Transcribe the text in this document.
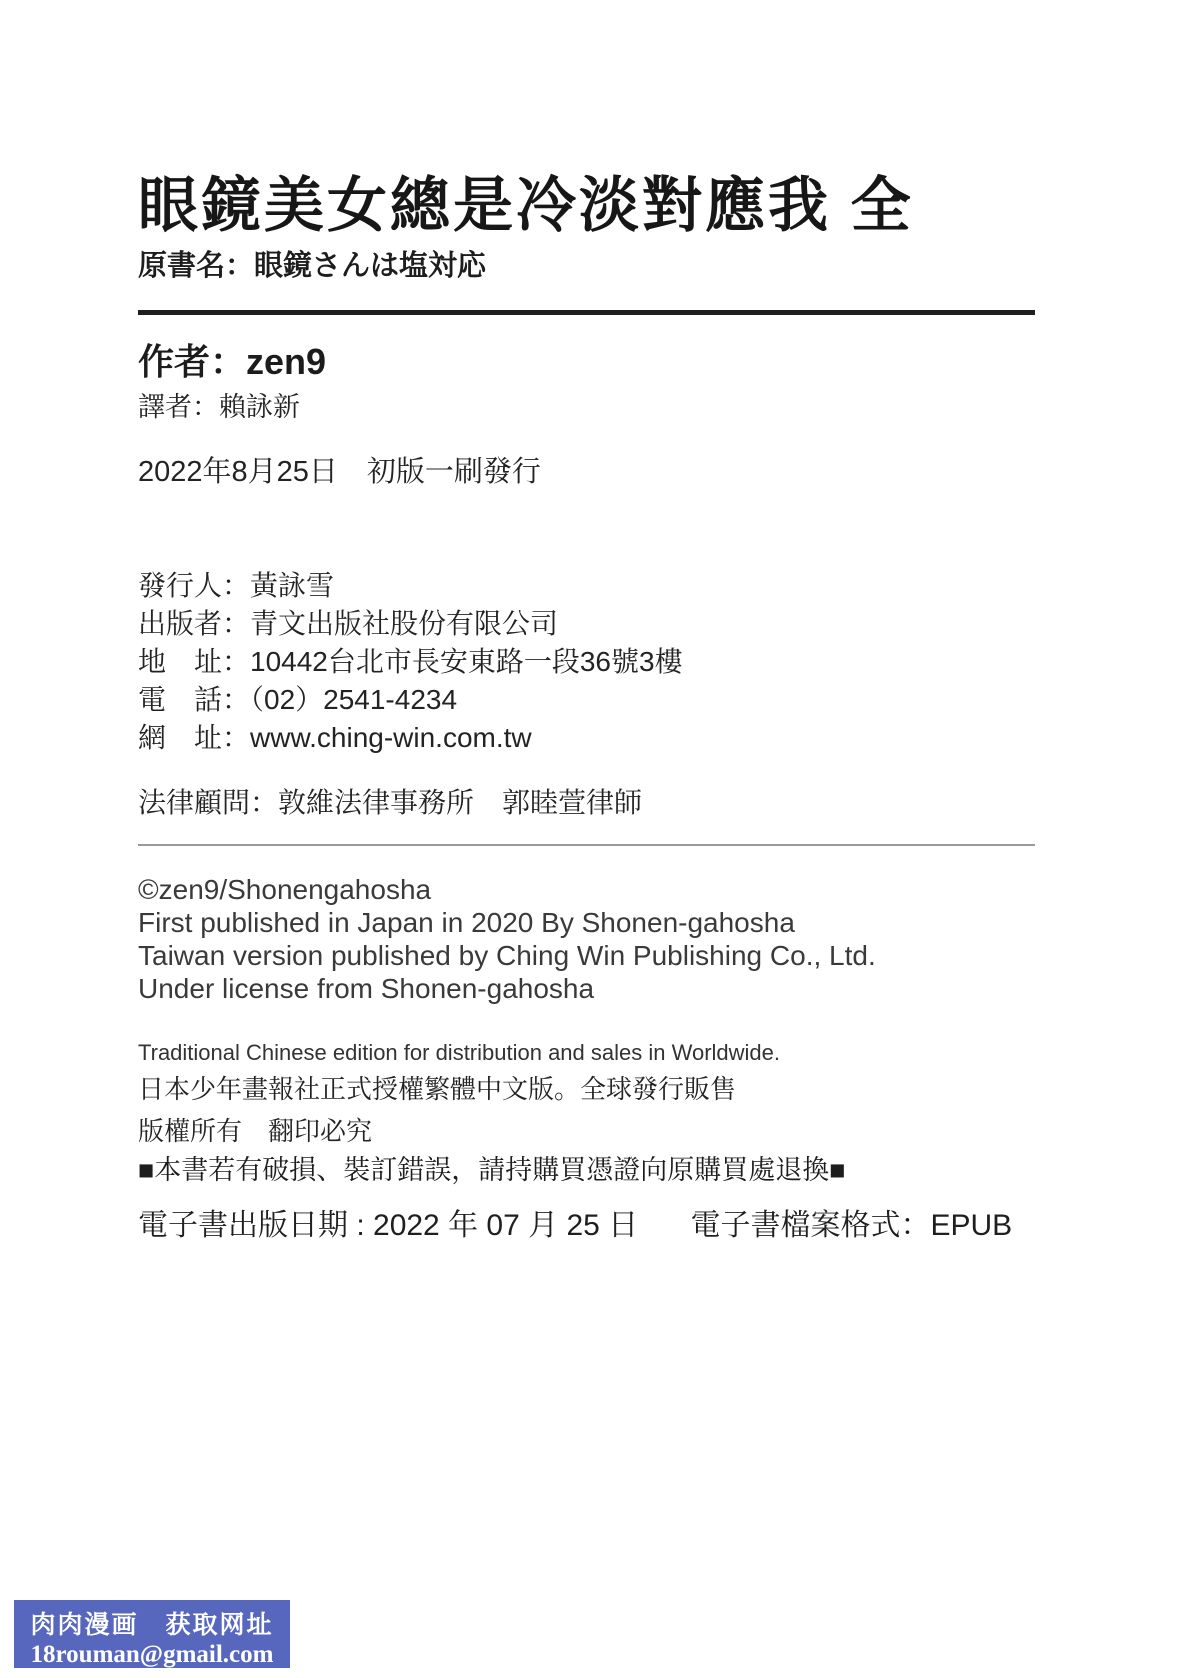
眼鏡美女總是冷淡對應我 全

原書名：眼鏡さんは塩対応

作者：zen9

譯者：賴詠新

2022年8月25日　初版一刷發行

發行人：黃詠雪

出版者：青文出版社股份有限公司

地　址：10442台北市長安東路一段36號3樓

電　話：（02）2541-4234

網　址：www.ching-win.com.tw

法律顧問：敦維法律事務所　郭睦萱律師

©zen9/Shonengahosha

First published in Japan in 2020 By Shonen-gahosha

Taiwan version published by Ching Win Publishing Co., Ltd.

Under license from Shonen-gahosha

Traditional Chinese edition for distribution and sales in Worldwide.

日本少年畫報社正式授權繁體中文版。全球發行販售

版權所有　翻印必究

■本書若有破損、裝訂錯誤，請持購買憑證向原購買處退換■

電子書出版日期 : 2022 年 07 月 25 日 電子書檔案格式：EPUB

肉肉漫画　获取网址
18rouman@gmail.com
